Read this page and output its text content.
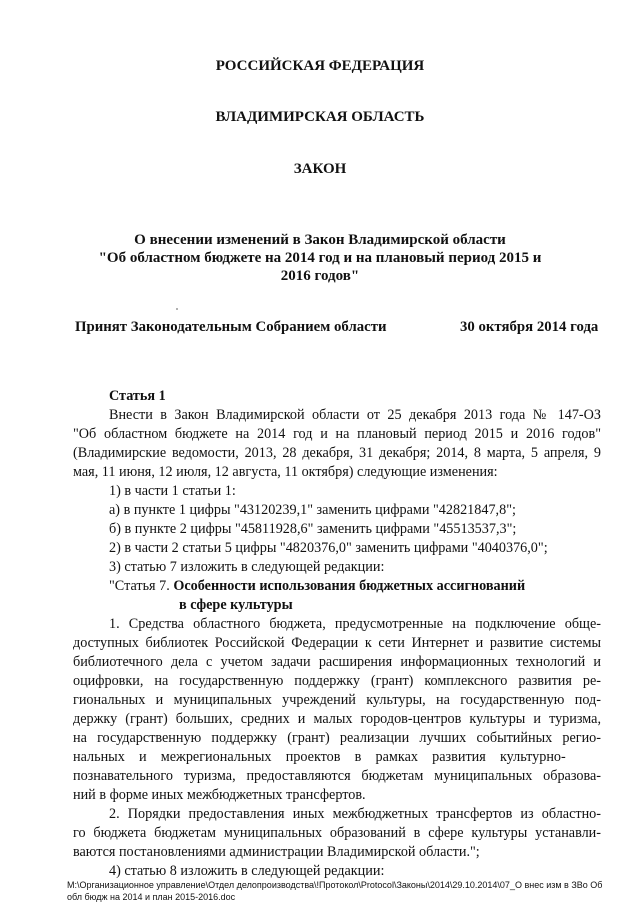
РОССИЙСКАЯ ФЕДЕРАЦИЯ
ВЛАДИМИРСКАЯ ОБЛАСТЬ
ЗАКОН
О внесении изменений в Закон Владимирской области
"Об областном бюджете на 2014 год и на плановый период 2015 и
2016 годов"
Принят Законодательным Собранием области	30 октября 2014 года
Статья 1
Внести в Закон Владимирской области от 25 декабря 2013 года № 147-ОЗ
"Об областном бюджете на 2014 год и на плановый период 2015 и 2016 годов"
(Владимирские ведомости, 2013, 28 декабря, 31 декабря; 2014, 8 марта, 5 апреля, 9
мая, 11 июня, 12 июля, 12 августа, 11 октября) следующие изменения:
1) в части 1 статьи 1:
а) в пункте 1 цифры "43120239,1" заменить цифрами "42821847,8";
б) в пункте 2 цифры "45811928,6" заменить цифрами "45513537,3";
2) в части 2 статьи 5 цифры "4820376,0" заменить цифрами "4040376,0";
3) статью 7 изложить в следующей редакции:
"Статья 7. Особенности использования бюджетных ассигнований
в сфере культуры
1. Средства областного бюджета, предусмотренные на подключение обще-
доступных библиотек Российской Федерации к сети Интернет и развитие системы
библиотечного дела с учетом задачи расширения информационных технологий и
оцифровки, на государственную поддержку (грант) комплексного развития ре-
гиональных и муниципальных учреждений культуры, на государственную под-
держку (грант) больших, средних и малых городов-центров культуры и туризма,
на государственную поддержку (грант) реализации лучших событийных регио-
нальных    и    межрегиональных    проектов    в    рамках    развития    культурно-
познавательного туризма, предоставляются бюджетам муниципальных образова-
ний в форме иных межбюджетных трансфертов.
2. Порядки предоставления иных межбюджетных трансфертов из областно-
го бюджета бюджетам муниципальных образований в сфере культуры устанавли-
ваются постановлениями администрации Владимирской области.";
4) статью 8 изложить в следующей редакции:
M:\Организационное управление\Отдел делопроизводства\!Протокол\Protocol\Законы\2014\29.10.2014\07_О внес изм в ЗВо Об
обл бюдж на 2014 и план 2015-2016.doc
